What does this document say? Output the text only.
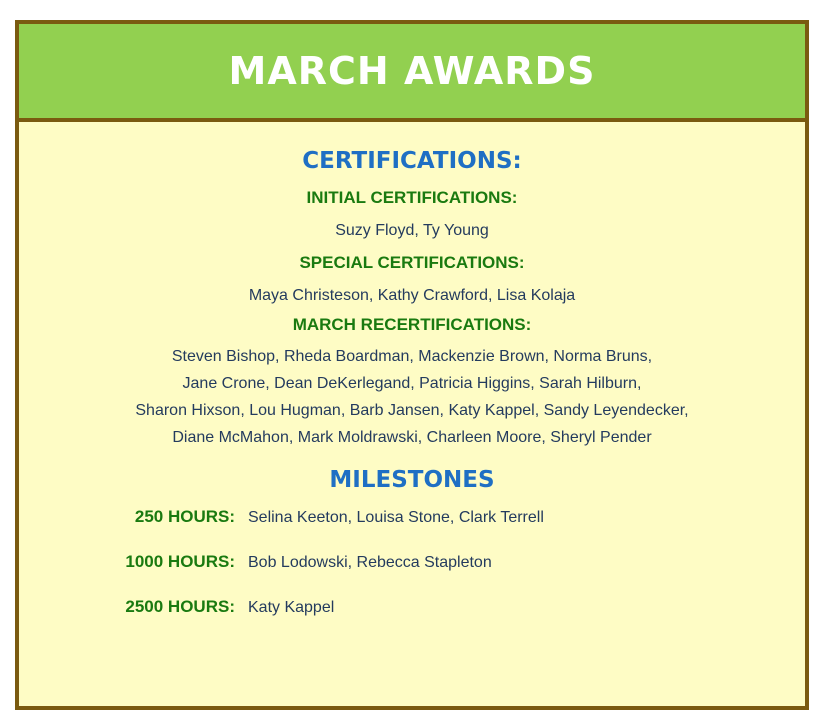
MARCH AWARDS
CERTIFICATIONS:
INITIAL CERTIFICATIONS:

Suzy Floyd, Ty Young

SPECIAL CERTIFICATIONS:

Maya Christeson, Kathy Crawford, Lisa Kolaja

MARCH RECERTIFICATIONS:
Steven Bishop, Rheda Boardman, Mackenzie Brown, Norma Bruns,
Jane Crone, Dean DeKerlegand, Patricia Higgins, Sarah Hilburn,
Sharon Hixson, Lou Hugman, Barb Jansen, Katy Kappel, Sandy Leyendecker,
Diane McMahon, Mark Moldrawski, Charleen Moore, Sheryl Pender
MILESTONES
250 HOURS: Selina Keeton, Louisa Stone, Clark Terrell
1000 HOURS: Bob Lodowski, Rebecca Stapleton
2500 HOURS: Katy Kappel
